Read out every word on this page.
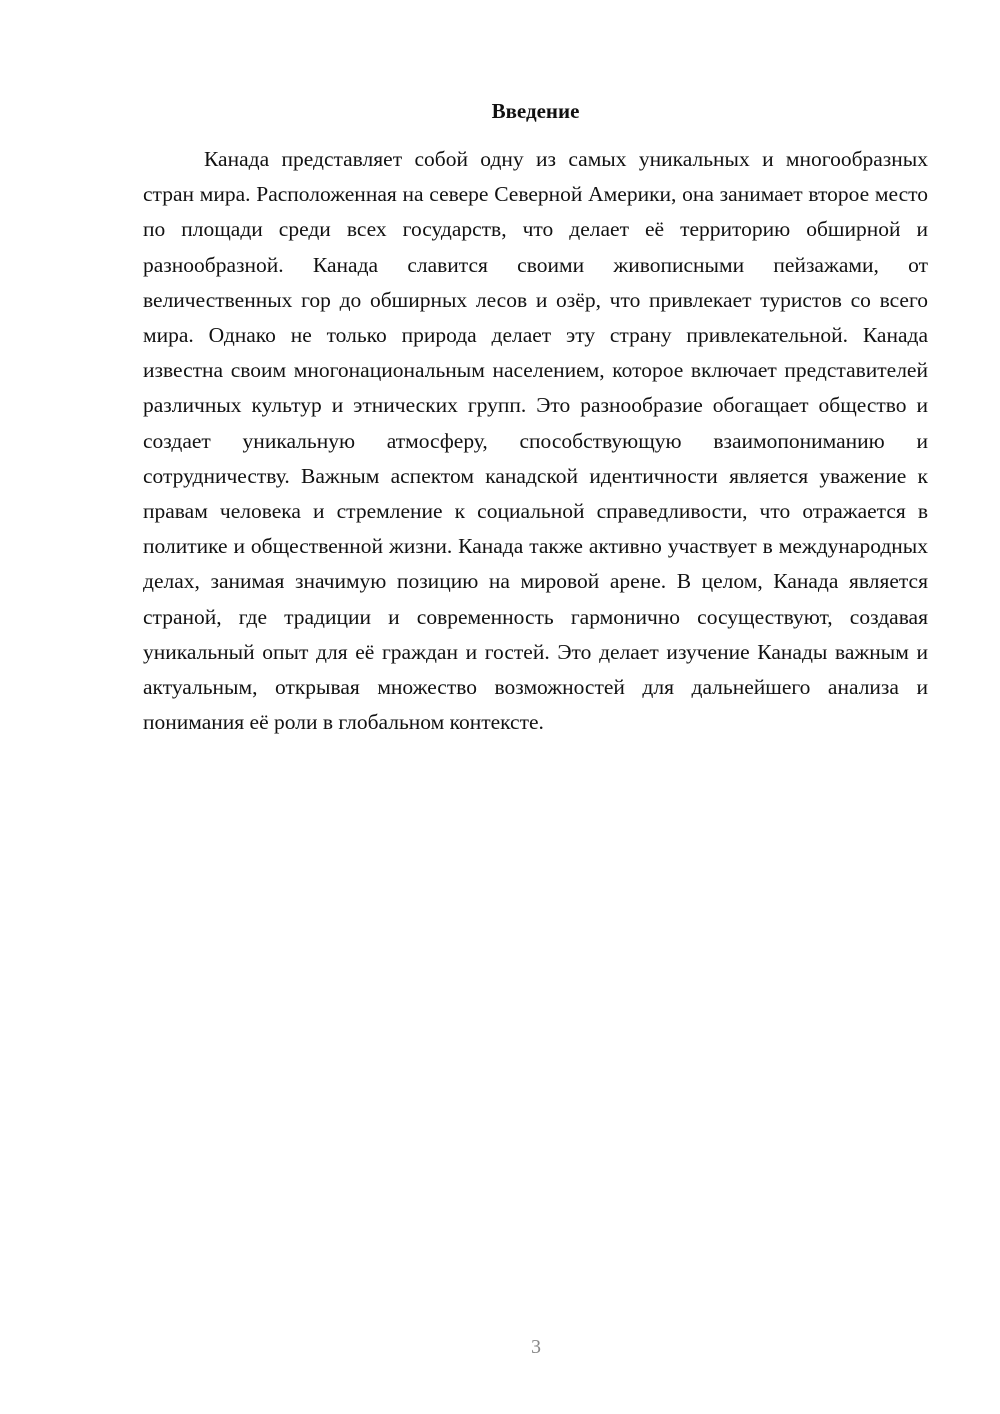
Введение

Канада представляет собой одну из самых уникальных и многообразных стран мира. Расположенная на севере Северной Америки, она занимает второе место по площади среди всех государств, что делает её территорию обширной и разнообразной. Канада славится своими живописными пейзажами, от величественных гор до обширных лесов и озёр, что привлекает туристов со всего мира. Однако не только природа делает эту страну привлекательной. Канада известна своим многонациональным населением, которое включает представителей различных культур и этнических групп. Это разнообразие обогащает общество и создает уникальную атмосферу, способствующую взаимопониманию и сотрудничеству. Важным аспектом канадской идентичности является уважение к правам человека и стремление к социальной справедливости, что отражается в политике и общественной жизни. Канада также активно участвует в международных делах, занимая значимую позицию на мировой арене. В целом, Канада является страной, где традиции и современность гармонично сосуществуют, создавая уникальный опыт для её граждан и гостей. Это делает изучение Канады важным и актуальным, открывая множество возможностей для дальнейшего анализа и понимания её роли в глобальном контексте.

3
